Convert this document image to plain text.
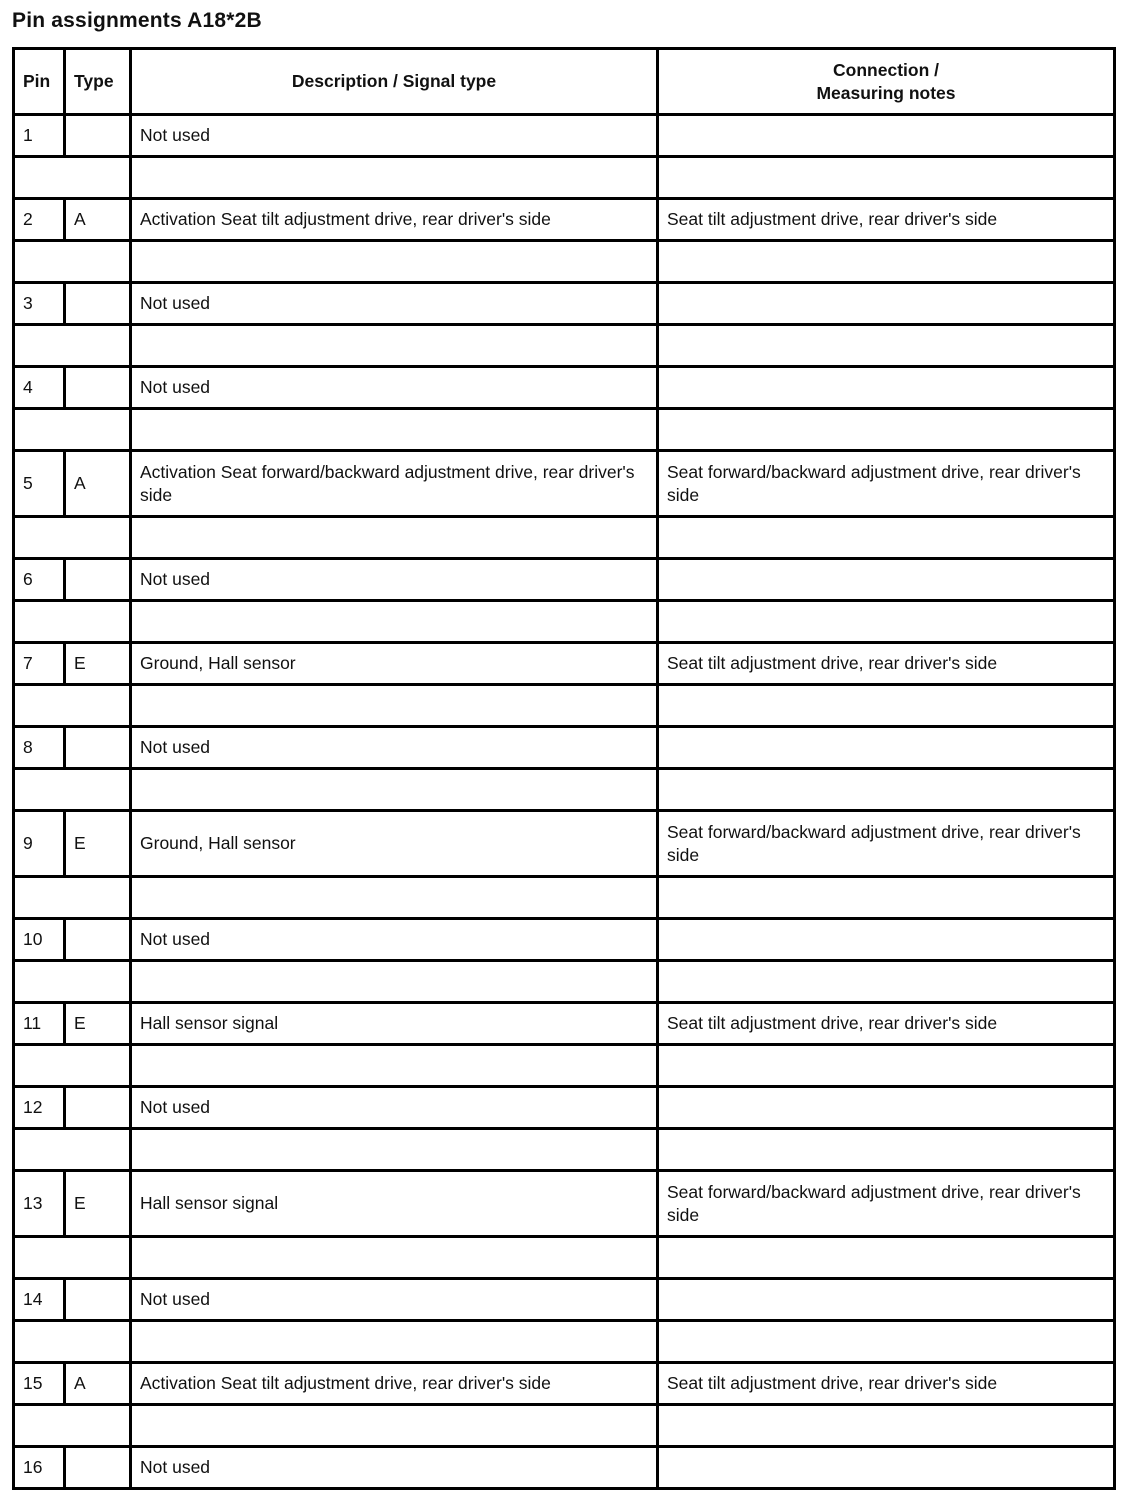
Pin assignments A18*2B
Pin	Type	Description / Signal type	Connection /
Measuring notes
1		Not used	

2	A	Activation Seat tilt adjustment drive, rear driver's side	Seat tilt adjustment drive, rear driver's side

3		Not used	

4		Not used	

5	A	Activation Seat forward/backward adjustment drive, rear driver's side	Seat forward/backward adjustment drive, rear driver's side

6		Not used	

7	E	Ground, Hall sensor	Seat tilt adjustment drive, rear driver's side

8		Not used	

9	E	Ground, Hall sensor	Seat forward/backward adjustment drive, rear driver's side

10		Not used	

11	E	Hall sensor signal	Seat tilt adjustment drive, rear driver's side

12		Not used	

13	E	Hall sensor signal	Seat forward/backward adjustment drive, rear driver's side

14		Not used	

15	A	Activation Seat tilt adjustment drive, rear driver's side	Seat tilt adjustment drive, rear driver's side

16		Not used	
